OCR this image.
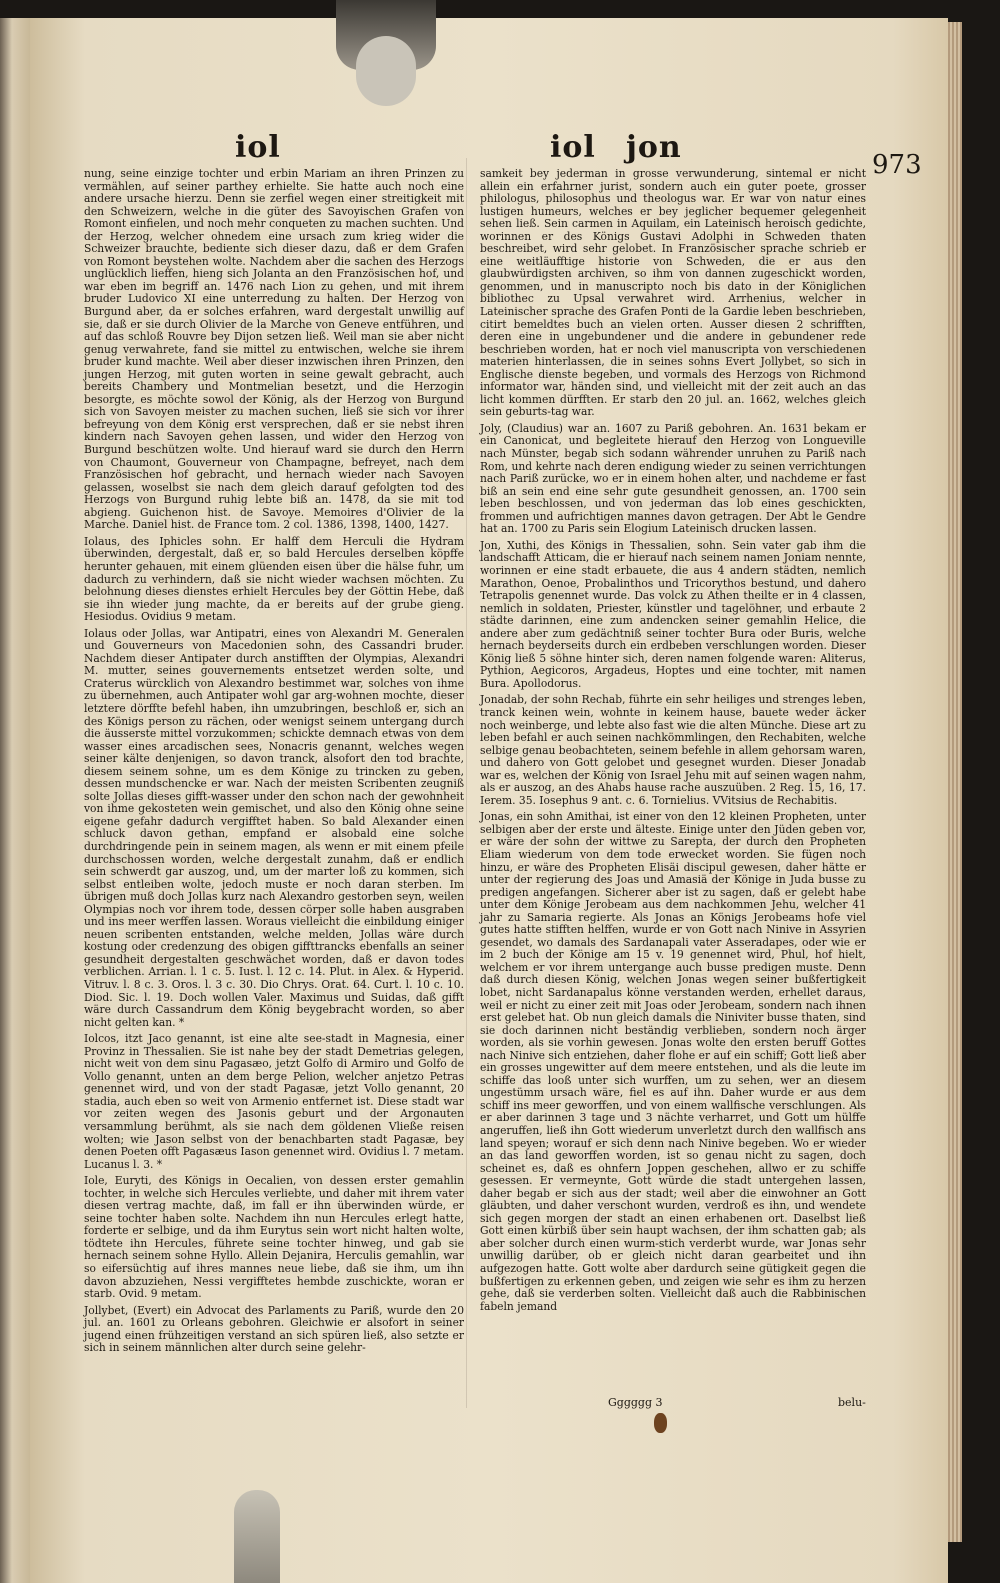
iol	iol jon	973

nung, seine einzige tochter und erbin Mariam an ihren Prinzen zu vermählen, auf seiner parthey erhielte. Sie hatte auch noch eine andere ursache hierzu. Denn sie zerfiel wegen einer streitigkeit mit den Schweizern, welche in die güter des Savoyischen Grafen von Romont einfielen, und noch mehr conqueten zu machen suchten. Und der Herzog, welcher ohnedem eine ursach zum krieg wider die Schweizer brauchte, bediente sich dieser dazu, daß er dem Grafen von Romont beystehen wolte. Nachdem aber die sachen des Herzogs unglücklich lieffen, hieng sich Jolanta an den Französischen hof, und war eben im begriff an. 1476 nach Lion zu gehen, und mit ihrem bruder Ludovico XI eine unterredung zu halten. Der Herzog von Burgund aber, da er solches erfahren, ward dergestalt unwillig auf sie, daß er sie durch Olivier de la Marche von Geneve entführen, und auf das schloß Rouvre bey Dijon setzen ließ. Weil man sie aber nicht genug verwahrete, fand sie mittel zu entwischen, welche sie ihrem bruder kund machte. Weil aber dieser inzwischen ihren Prinzen, den jungen Herzog, mit guten worten in seine gewalt gebracht, auch bereits Chambery und Montmelian besetzt, und die Herzogin besorgte, es möchte sowol der König, als der Herzog von Burgund sich von Savoyen meister zu machen suchen, ließ sie sich vor ihrer befreyung von dem König erst versprechen, daß er sie nebst ihren kindern nach Savoyen gehen lassen, und wider den Herzog von Burgund beschützen wolte. Und hierauf ward sie durch den Herrn von Chaumont, Gouverneur von Champagne, befreyet, nach dem Französischen hof gebracht, und hernach wieder nach Savoyen gelassen, woselbst sie nach dem gleich darauf gefolgten tod des Herzogs von Burgund ruhig lebte biß an. 1478, da sie mit tod abgieng. Guichenon hist. de Savoye. Memoires d'Olivier de la Marche. Daniel hist. de France tom. 2 col. 1386, 1398, 1400, 1427.

Iolaus, des Iphicles sohn. Er halff dem Herculi die Hydram überwinden, dergestalt, daß er, so bald Hercules derselben köpffe herunter gehauen, mit einem glüenden eisen über die hälse fuhr, um dadurch zu verhindern, daß sie nicht wieder wachsen möchten. Zu belohnung dieses dienstes erhielt Hercules bey der Göttin Hebe, daß sie ihn wieder jung machte, da er bereits auf der grube gieng. Hesiodus. Ovidius 9 metam.

Iolaus oder Jollas, war Antipatri, eines von Alexandri M. Generalen und Gouverneurs von Macedonien sohn, des Cassandri bruder. Nachdem dieser Antipater durch anstifften der Olympias, Alexandri M. mutter, seines gouvernements entsetzet werden solte, und Craterus würcklich von Alexandro bestimmet war, solches von ihme zu übernehmen, auch Antipater wohl gar arg-wohnen mochte, dieser letztere dörffte befehl haben, ihn umzubringen, beschloß er, sich an des Königs person zu rächen, oder wenigst seinem untergang durch die äusserste mittel vorzukommen; schickte demnach etwas von dem wasser eines arcadischen sees, Nonacris genannt, welches wegen seiner kälte denjenigen, so davon tranck, alsofort den tod brachte, diesem seinem sohne, um es dem Könige zu trincken zu geben, dessen mundschencke er war. Nach der meisten Scribenten zeugniß solte Jollas dieses gifft-wasser under den schon nach der gewohnheit von ihme gekosteten wein gemischet, und also den König ohne seine eigene gefahr dadurch vergifftet haben. So bald Alexander einen schluck davon gethan, empfand er alsobald eine solche durchdringende pein in seinem magen, als wenn er mit einem pfeile durchschossen worden, welche dergestalt zunahm, daß er endlich sein schwerdt gar auszog, und, um der marter loß zu kommen, sich selbst entleiben wolte, jedoch muste er noch daran sterben. Im übrigen muß doch Jollas kurz nach Alexandro gestorben seyn, weilen Olympias noch vor ihrem tode, dessen cörper solle haben ausgraben und ins meer werffen lassen. Woraus vielleicht die einbildung einiger neuen scribenten entstanden, welche melden, Jollas wäre durch kostung oder credenzung des obigen giffttrancks ebenfalls an seiner gesundheit dergestalten geschwächet worden, daß er davon todes verblichen. Arrian. l. 1 c. 5. Iust. l. 12 c. 14. Plut. in Alex. & Hyperid. Vitruv. l. 8 c. 3. Oros. l. 3 c. 30. Dio Chrys. Orat. 64. Curt. l. 10 c. 10. Diod. Sic. l. 19. Doch wollen Valer. Maximus und Suidas, daß gifft wäre durch Cassandrum dem König beygebracht worden, so aber nicht gelten kan. *

Iolcos, itzt Jaco genannt, ist eine alte see-stadt in Magnesia, einer Provinz in Thessalien. Sie ist nahe bey der stadt Demetrias gelegen, nicht weit von dem sinu Pagasæo, jetzt Golfo di Armiro und Golfo de Vollo genannt, unten an dem berge Pelion, welcher anjetzo Petras genennet wird, und von der stadt Pagasæ, jetzt Vollo genannt, 20 stadia, auch eben so weit von Armenio entfernet ist. Diese stadt war vor zeiten wegen des Jasonis geburt und der Argonauten versammlung berühmt, als sie nach dem göldenen Vließe reisen wolten; wie Jason selbst von der benachbarten stadt Pagasæ, bey denen Poeten offt Pagasæus Iason genennet wird. Ovidius l. 7 metam. Lucanus l. 3. *

Iole, Euryti, des Königs in Oecalien, von dessen erster gemahlin tochter, in welche sich Hercules verliebte, und daher mit ihrem vater diesen vertrag machte, daß, im fall er ihn überwinden würde, er seine tochter haben solte. Nachdem ihn nun Hercules erlegt hatte, forderte er selbige, und da ihm Eurytus sein wort nicht halten wolte, tödtete ihn Hercules, führete seine tochter hinweg, und gab sie hernach seinem sohne Hyllo. Allein Dejanira, Herculis gemahlin, war so eifersüchtig auf ihres mannes neue liebe, daß sie ihm, um ihn davon abzuziehen, Nessi vergifftetes hembde zuschickte, woran er starb. Ovid. 9 metam.

Jollybet, (Evert) ein Advocat des Parlaments zu Pariß, wurde den 20 jul. an. 1601 zu Orleans gebohren. Gleichwie er alsofort in seiner jugend einen frühzeitigen verstand an sich spüren ließ, also setzte er sich in seinem männlichen alter durch seine gelehr-

samkeit bey jederman in grosse verwunderung, sintemal er nicht allein ein erfahrner jurist, sondern auch ein guter poete, grosser philologus, philosophus und theologus war. Er war von natur eines lustigen humeurs, welches er bey jeglicher bequemer gelegenheit sehen ließ. Sein carmen in Aquilam, ein Lateinisch heroisch gedichte, worinnen er des Königs Gustavi Adolphi in Schweden thaten beschreibet, wird sehr gelobet. In Französischer sprache schrieb er eine weitläufftige historie von Schweden, die er aus den glaubwürdigsten archiven, so ihm von dannen zugeschickt worden, genommen, und in manuscripto noch bis dato in der Königlichen bibliothec zu Upsal verwahret wird. Arrhenius, welcher in Lateinischer sprache des Grafen Ponti de la Gardie leben beschrieben, citirt bemeldtes buch an vielen orten. Ausser diesen 2 schrifften, deren eine in ungebundener und die andere in gebundener rede beschrieben worden, hat er noch viel manuscripta von verschiedenen materien hinterlassen, die in seines sohns Evert Jollybet, so sich in Englische dienste begeben, und vormals des Herzogs von Richmond informator war, händen sind, und vielleicht mit der zeit auch an das licht kommen dürfften. Er starb den 20 jul. an. 1662, welches gleich sein geburts-tag war.

Joly, (Claudius) war an. 1607 zu Pariß gebohren. An. 1631 bekam er ein Canonicat, und begleitete hierauf den Herzog von Longueville nach Münster, begab sich sodann währender unruhen zu Pariß nach Rom, und kehrte nach deren endigung wieder zu seinen verrichtungen nach Pariß zurücke, wo er in einem hohen alter, und nachdeme er fast biß an sein end eine sehr gute gesundheit genossen, an. 1700 sein leben beschlossen, und von jederman das lob eines geschickten, frommen und aufrichtigen mannes davon getragen. Der Abt le Gendre hat an. 1700 zu Paris sein Elogium Lateinisch drucken lassen.

Jon, Xuthi, des Königs in Thessalien, sohn. Sein vater gab ihm die landschafft Atticam, die er hierauf nach seinem namen Joniam nennte, worinnen er eine stadt erbauete, die aus 4 andern städten, nemlich Marathon, Oenoe, Probalinthos und Tricorythos bestund, und dahero Tetrapolis genennet wurde. Das volck zu Athen theilte er in 4 classen, nemlich in soldaten, Priester, künstler und tagelöhner, und erbaute 2 städte darinnen, eine zum andencken seiner gemahlin Helice, die andere aber zum gedächtniß seiner tochter Bura oder Buris, welche hernach beyderseits durch ein erdbeben verschlungen worden. Dieser König ließ 5 söhne hinter sich, deren namen folgende waren: Aliterus, Pythion, Aegicoros, Argadeus, Hoptes und eine tochter, mit namen Bura. Apollodorus.

Jonadab, der sohn Rechab, führte ein sehr heiliges und strenges leben, tranck keinen wein, wohnte in keinem hause, bauete weder äcker noch weinberge, und lebte also fast wie die alten Münche. Diese art zu leben befahl er auch seinen nachkömmlingen, den Rechabiten, welche selbige genau beobachteten, seinem befehle in allem gehorsam waren, und dahero von Gott gelobet und gesegnet wurden. Dieser Jonadab war es, welchen der König von Israel Jehu mit auf seinen wagen nahm, als er auszog, an des Ahabs hause rache auszuüben. 2 Reg. 15, 16, 17. Ierem. 35. Iosephus 9 ant. c. 6. Tornielius. VVitsius de Rechabitis.

Jonas, ein sohn Amithai, ist einer von den 12 kleinen Propheten, unter selbigen aber der erste und älteste. Einige unter den Jüden geben vor, er wäre der sohn der wittwe zu Sarepta, der durch den Propheten Eliam wiederum von dem tode erwecket worden. Sie fügen noch hinzu, er wäre des Propheten Elisäi discipul gewesen, daher hätte er unter der regierung des Joas und Amasiä der Könige in Juda busse zu predigen angefangen. Sicherer aber ist zu sagen, daß er gelebt habe unter dem Könige Jerobeam aus dem nachkommen Jehu, welcher 41 jahr zu Samaria regierte. Als Jonas an Königs Jerobeams hofe viel gutes hatte stifften helffen, wurde er von Gott nach Ninive in Assyrien gesendet, wo damals des Sardanapali vater Asseradapes, oder wie er im 2 buch der Könige am 15 v. 19 genennet wird, Phul, hof hielt, welchem er vor ihrem untergange auch busse predigen muste. Denn daß durch diesen König, welchen Jonas wegen seiner bußfertigkeit lobet, nicht Sardanapalus könne verstanden werden, erhellet daraus, weil er nicht zu einer zeit mit Joas oder Jerobeam, sondern nach ihnen erst gelebet hat. Ob nun gleich damals die Niniviter busse thaten, sind sie doch darinnen nicht beständig verblieben, sondern noch ärger worden, als sie vorhin gewesen. Jonas wolte den ersten beruff Gottes nach Ninive sich entziehen, daher flohe er auf ein schiff; Gott ließ aber ein grosses ungewitter auf dem meere entstehen, und als die leute im schiffe das looß unter sich wurffen, um zu sehen, wer an diesem ungestümm ursach wäre, fiel es auf ihn. Daher wurde er aus dem schiff ins meer geworffen, und von einem wallfische verschlungen. Als er aber darinnen 3 tage und 3 nächte verharret, und Gott um hülffe angeruffen, ließ ihn Gott wiederum unverletzt durch den wallfisch ans land speyen; worauf er sich denn nach Ninive begeben. Wo er wieder an das land geworffen worden, ist so genau nicht zu sagen, doch scheinet es, daß es ohnfern Joppen geschehen, allwo er zu schiffe gesessen. Er vermeynte, Gott würde die stadt untergehen lassen, daher begab er sich aus der stadt; weil aber die einwohner an Gott gläubten, und daher verschont wurden, verdroß es ihn, und wendete sich gegen morgen der stadt an einen erhabenen ort. Daselbst ließ Gott einen kürbiß über sein haupt wachsen, der ihm schatten gab; als aber solcher durch einen wurm-stich verderbt wurde, war Jonas sehr unwillig darüber, ob er gleich nicht daran gearbeitet und ihn aufgezogen hatte. Gott wolte aber dardurch seine gütigkeit gegen die bußfertigen zu erkennen geben, und zeigen wie sehr es ihm zu herzen gehe, daß sie verderben solten. Vielleicht daß auch die Rabbinischen fabeln jemand

Gggggg 3	belu-
